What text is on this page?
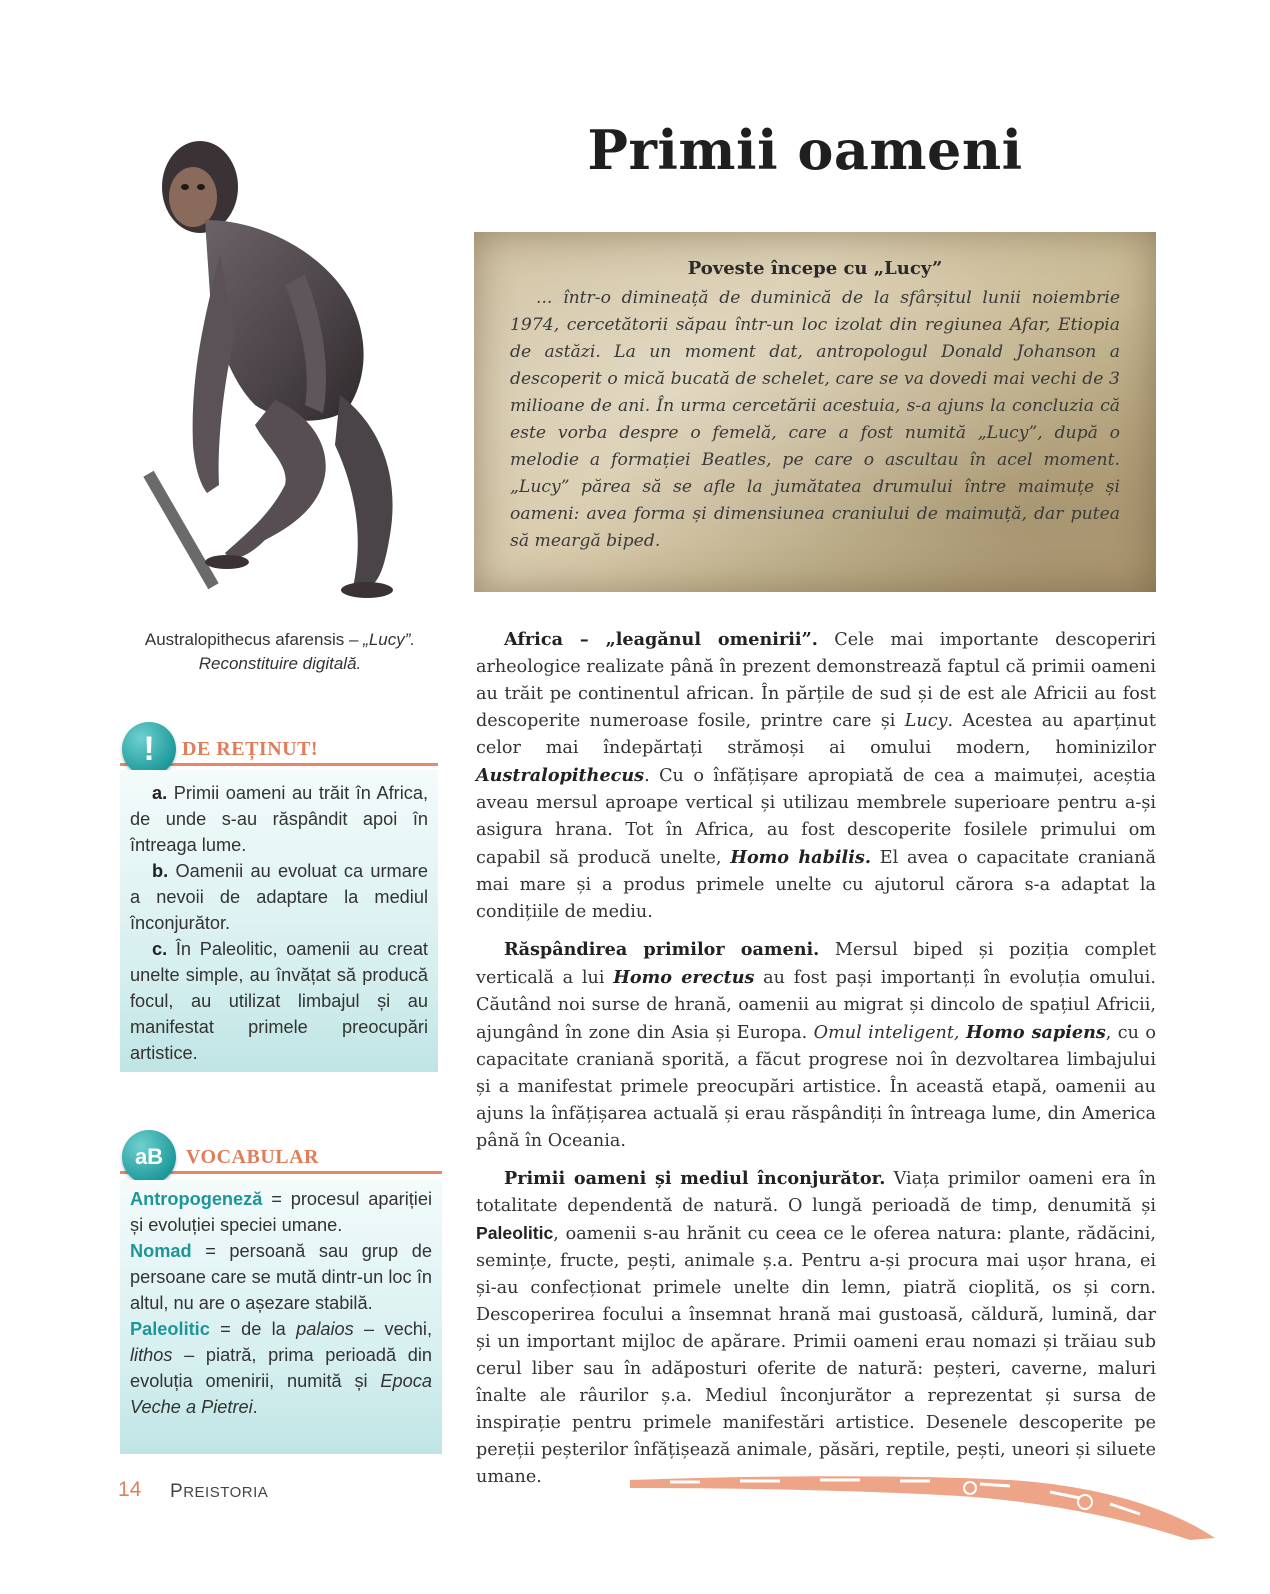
Primii oameni
Australopithecus afarensis – „Lucy”.
Reconstituire digitală.
Poveste începe cu „Lucy”

... într-o dimineață de duminică de la sfârșitul lunii noiembrie 1974, cercetătorii săpau într-un loc izolat din regiunea Afar, Etiopia de astăzi. La un moment dat, antropologul Donald Johanson a descoperit o mică bucată de schelet, care se va dovedi mai vechi de 3 milioane de ani. În urma cercetării acestuia, s-a ajuns la concluzia că este vorba despre o femelă, care a fost numită „Lucy”, după o melodie a formației Beatles, pe care o ascultau în acel moment. „Lucy” părea să se afle la jumătatea drumului între maimuțe și oameni: avea forma și dimensiunea craniului de maimuță, dar putea să meargă biped.

Africa – „leagănul omenirii”. Cele mai importante descoperiri arheologice realizate până în prezent demonstrează faptul că primii oameni au trăit pe continentul african. În părțile de sud și de est ale Africii au fost descoperite numeroase fosile, printre care și Lucy. Acestea au aparținut celor mai îndepărtați strămoși ai omului modern, hominizilor Australopithecus. Cu o înfățișare apropiată de cea a maimuței, aceștia aveau mersul aproape vertical și utilizau membrele superioare pentru a-și asigura hrana. Tot în Africa, au fost descoperite fosilele primului om capabil să producă unelte, Homo habilis. El avea o capacitate craniană mai mare și a produs primele unelte cu ajutorul cărora s-a adaptat la condițiile de mediu.

Răspândirea primilor oameni. Mersul biped și poziția complet verticală a lui Homo erectus au fost pași importanți în evoluția omului. Căutând noi surse de hrană, oamenii au migrat și dincolo de spațiul Africii, ajungând în zone din Asia și Europa. Omul inteligent, Homo sapiens, cu o capacitate craniană sporită, a făcut progrese noi în dezvoltarea limbajului și a manifestat primele preocupări artistice. În această etapă, oamenii au ajuns la înfățișarea actuală și erau răspândiți în întreaga lume, din America până în Oceania.

Primii oameni și mediul înconjurător. Viața primilor oameni era în totalitate dependentă de natură. O lungă perioadă de timp, denumită și Paleolitic, oamenii s-au hrănit cu ceea ce le oferea natura: plante, rădăcini, semințe, fructe, pești, animale ș.a. Pentru a-și procura mai ușor hrana, ei și-au confecționat primele unelte din lemn, piatră cioplită, os și corn. Descoperirea focului a însemnat hrană mai gustoasă, căldură, lumină, dar și un important mijloc de apărare. Primii oameni erau nomazi și trăiau sub cerul liber sau în adăposturi oferite de natură: peșteri, caverne, maluri înalte ale râurilor ș.a. Mediul înconjurător a reprezentat și sursa de inspirație pentru primele manifestări artistice. Desenele descoperite pe pereții peșterilor înfățișează animale, păsări, reptile, pești, uneori și siluete umane.

DE REȚINUT!
!

a. Primii oameni au trăit în Africa, de unde s-au răspândit apoi în întreaga lume.

b. Oamenii au evoluat ca urmare a nevoii de adaptare la mediul înconjurător.

c. În Paleolitic, oamenii au creat unelte simple, au învățat să producă focul, au utilizat limbajul și au manifestat primele preocupări artistice.

VOCABULAR
aB

Antropogeneză = procesul apariției și evoluției speciei umane.

Nomad = persoană sau grup de persoane care se mută dintr-un loc în altul, nu are o așezare stabilă.

Paleolitic = de la palaios – vechi, lithos – piatră, prima perioadă din evoluția omenirii, numită și Epoca Veche a Pietrei.

14 PREISTORIA
